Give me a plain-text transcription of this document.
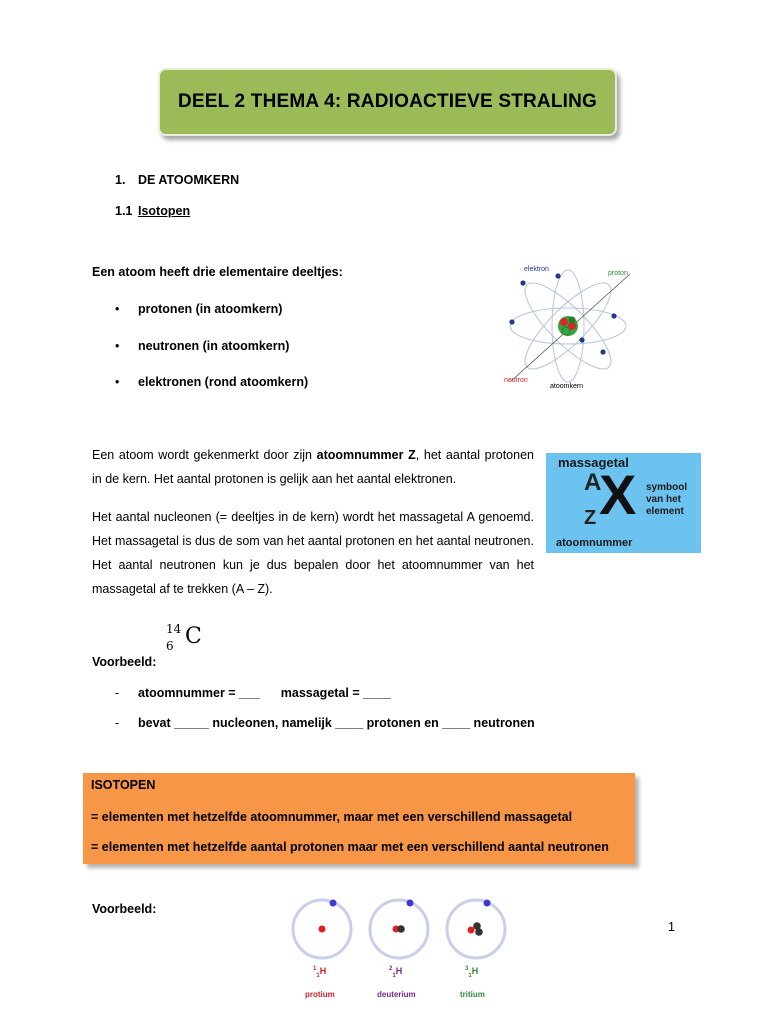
DEEL 2 THEMA 4: RADIOACTIEVE STRALING
1. DE ATOOMKERN
1.1 Isotopen
Een atoom heeft drie elementaire deeltjes:
• protonen (in atoomkern)
• neutronen (in atoomkern)
• elektronen (rond atoomkern)
elektron
proton
neutron
atoomkern
Een atoom wordt gekenmerkt door zijn atoomnummer Z, het aantal protonen in de kern. Het aantal protonen is gelijk aan het aantal elektronen.
massagetal
A
Z X symbool
van het
element
atoomnummer
Het aantal nucleonen (= deeltjes in de kern) wordt het massagetal A genoemd. Het massagetal is dus de som van het aantal protonen en het aantal neutronen. Het aantal neutronen kun je dus bepalen door het atoomnummer van het massagetal af te trekken (A – Z).
14
6 C
Voorbeeld:
- atoomnummer = ___      massagetal = ____
- bevat _____ nucleonen, namelijk ____ protonen en ____ neutronen
ISOTOPEN
= elementen met hetzelfde atoomnummer, maar met een verschillend massagetal
= elementen met hetzelfde aantal protonen maar met een verschillend aantal neutronen
Voorbeeld:
$^1_1$H	$^2_1$H	$^3_1$H
protium	deuterium	tritium
1
